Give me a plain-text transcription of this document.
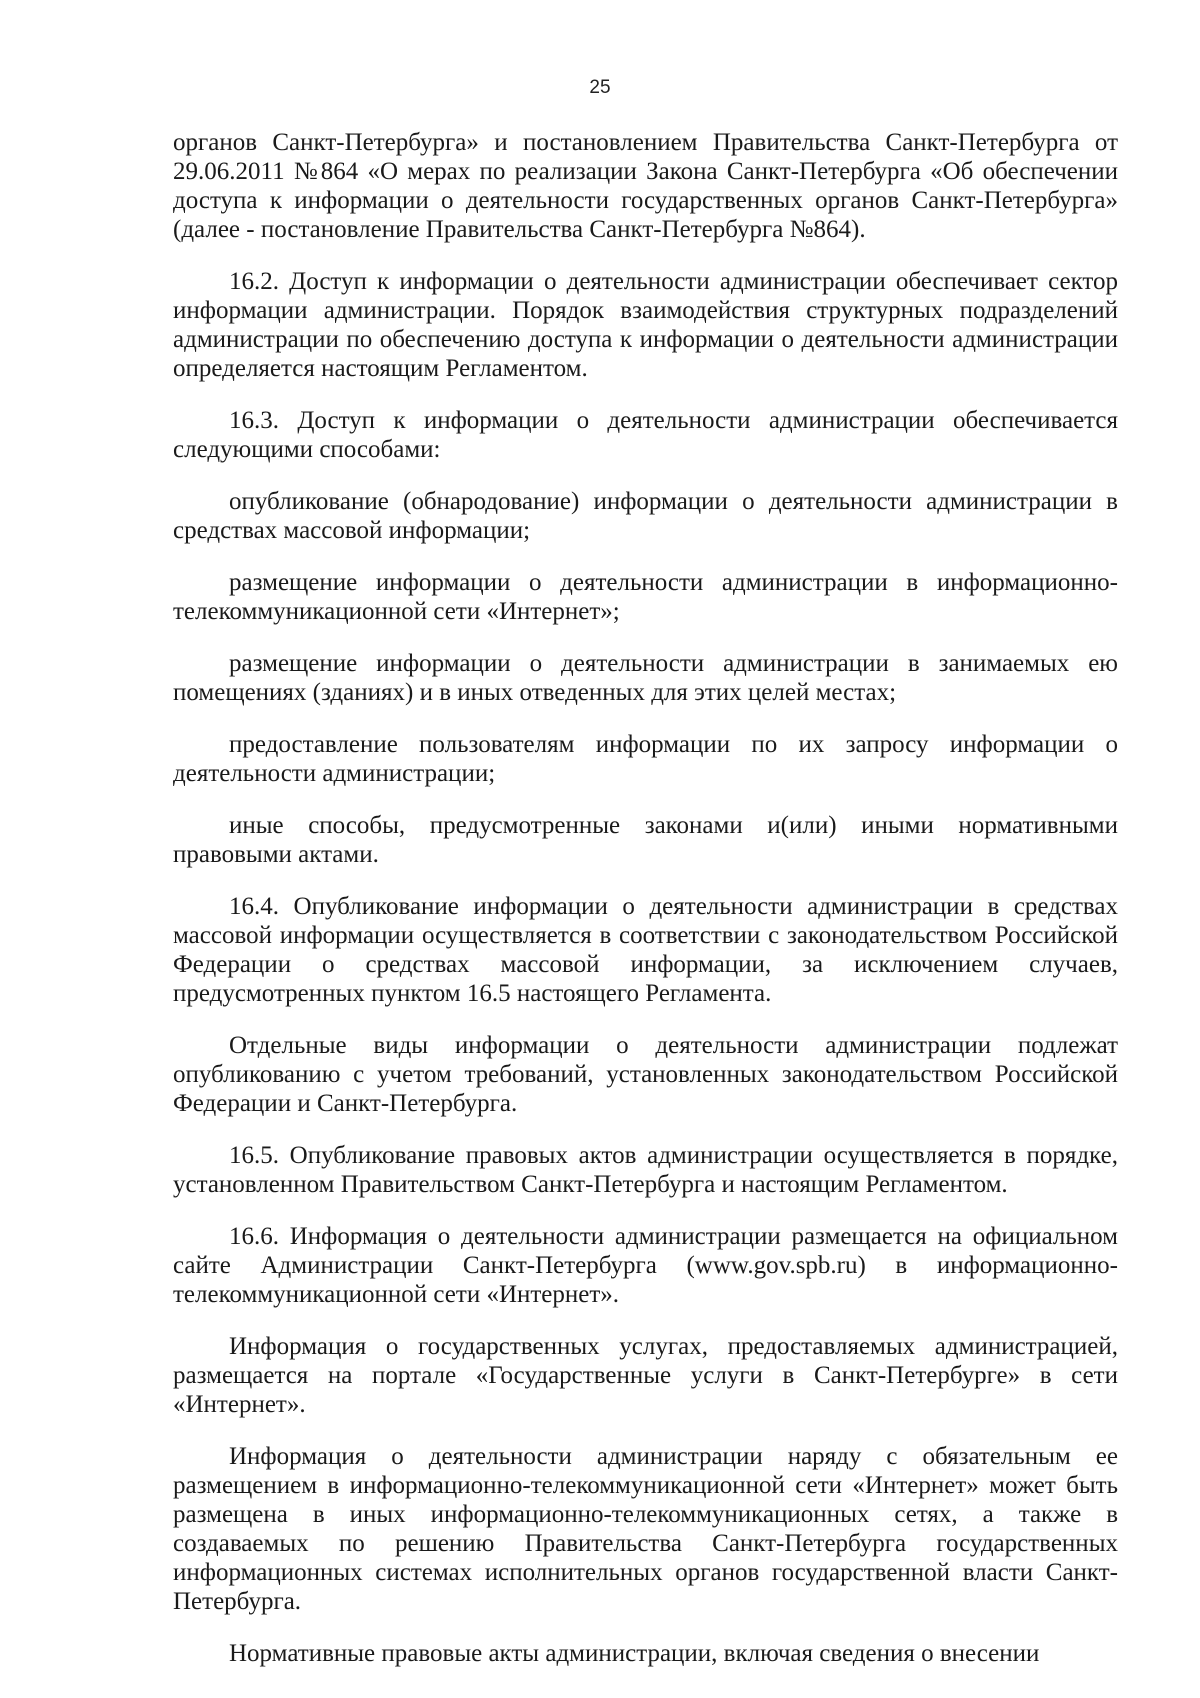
25

органов Санкт-Петербурга» и постановлением Правительства Санкт-Петербурга от 29.06.2011 №864 «О мерах по реализации Закона Санкт-Петербурга «Об обеспечении доступа к информации о деятельности государственных органов Санкт-Петербурга» (далее - постановление Правительства Санкт-Петербурга №864).

16.2. Доступ к информации о деятельности администрации обеспечивает сектор информации администрации. Порядок взаимодействия структурных подразделений администрации по обеспечению доступа к информации о деятельности администрации определяется настоящим Регламентом.

16.3. Доступ к информации о деятельности администрации обеспечивается следующими способами:

опубликование (обнародование) информации о деятельности администрации в средствах массовой информации;

размещение информации о деятельности администрации в информационно-телекоммуникационной сети «Интернет»;

размещение информации о деятельности администрации в занимаемых ею помещениях (зданиях) и в иных отведенных для этих целей местах;

предоставление пользователям информации по их запросу информации о деятельности администрации;

иные способы, предусмотренные законами и(или) иными нормативными правовыми актами.

16.4. Опубликование информации о деятельности администрации в средствах массовой информации осуществляется в соответствии с законодательством Российской Федерации о средствах массовой информации, за исключением случаев, предусмотренных пунктом 16.5 настоящего Регламента.

Отдельные виды информации о деятельности администрации подлежат опубликованию с учетом требований, установленных законодательством Российской Федерации и Санкт-Петербурга.

16.5. Опубликование правовых актов администрации осуществляется в порядке, установленном Правительством Санкт-Петербурга и настоящим Регламентом.

16.6. Информация о деятельности администрации размещается на официальном сайте Администрации Санкт-Петербурга (www.gov.spb.ru) в информационно-телекоммуникационной сети «Интернет».

Информация о государственных услугах, предоставляемых администрацией, размещается на портале «Государственные услуги в Санкт-Петербурге» в сети «Интернет».

Информация о деятельности администрации наряду с обязательным ее размещением в информационно-телекоммуникационной сети «Интернет» может быть размещена в иных информационно-телекоммуникационных сетях, а также в создаваемых по решению Правительства Санкт-Петербурга государственных информационных системах исполнительных органов государственной власти Санкт-Петербурга.

Нормативные правовые акты администрации, включая сведения о внесении
